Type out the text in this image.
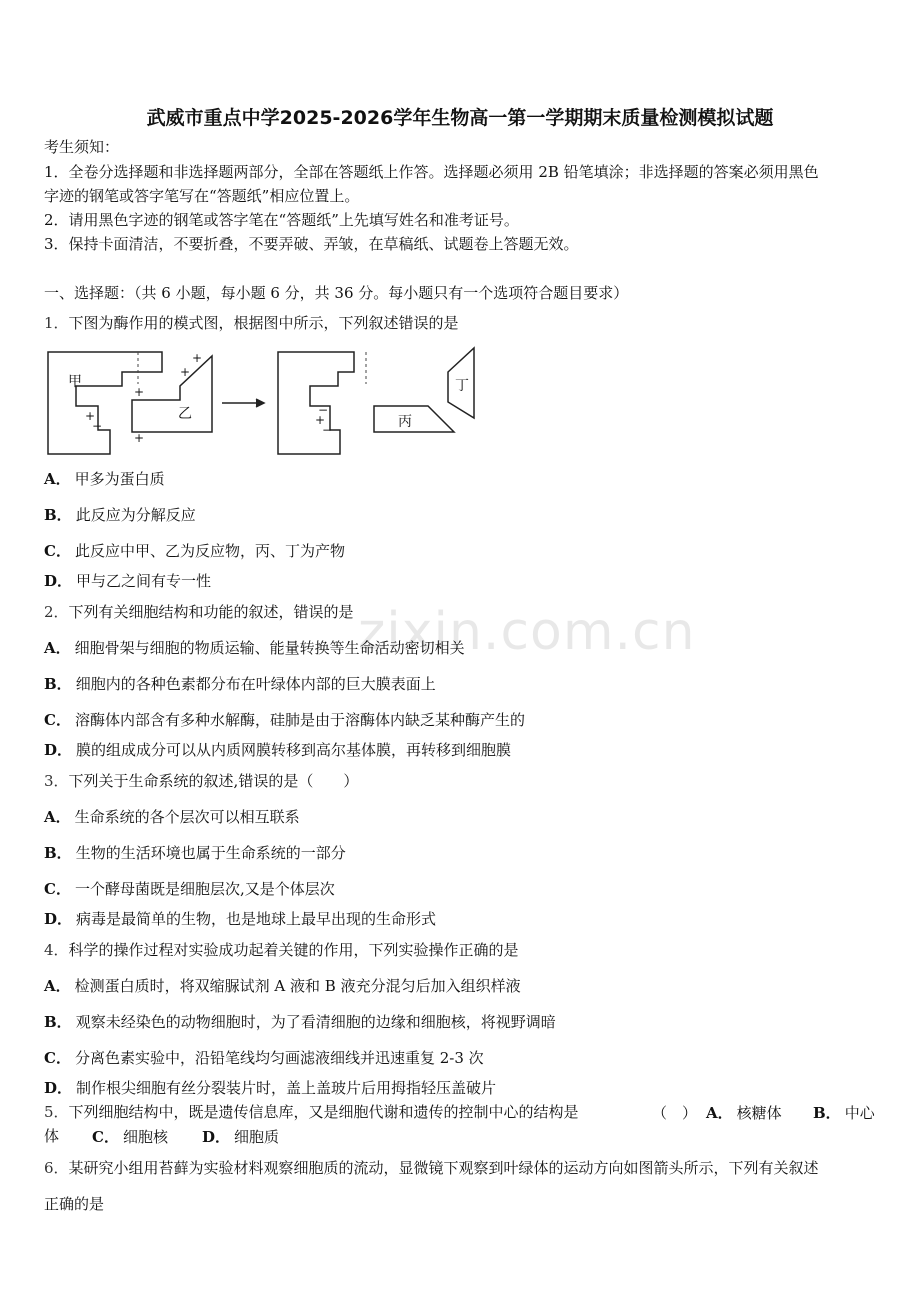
武威市重点中学2025-2026学年生物高一第一学期期末质量检测模拟试题
考生须知：
1．全卷分选择题和非选择题两部分，全部在答题纸上作答。选择题必须用 2B 铅笔填涂；非选择题的答案必须用黑色
字迹的钢笔或答字笔写在“答题纸”相应位置上。
2．请用黑色字迹的钢笔或答字笔在“答题纸”上先填写姓名和准考证号。
3．保持卡面清洁，不要折叠，不要弄破、弄皱，在草稿纸、试题卷上答题无效。
一、选择题：（共 6 小题，每小题 6 分，共 36 分。每小题只有一个选项符合题目要求）
1．下图为酶作用的模式图，根据图中所示，下列叙述错误的是
甲
乙	丙
丁
+
−
+
+
+
+
−
+
−
A． 甲多为蛋白质
B． 此反应为分解反应
C． 此反应中甲、乙为反应物，丙、丁为产物
D． 甲与乙之间有专一性
2．下列有关细胞结构和功能的叙述，错误的是
A． 细胞骨架与细胞的物质运输、能量转换等生命活动密切相关
B． 细胞内的各种色素都分布在叶绿体内部的巨大膜表面上
C． 溶酶体内部含有多种水解酶，硅肺是由于溶酶体内缺乏某种酶产生的
D． 膜的组成成分可以从内质网膜转移到高尔基体膜，再转移到细胞膜
3．下列关于生命系统的叙述,错误的是（　　）
A． 生命系统的各个层次可以相互联系
B． 生物的生活环境也属于生命系统的一部分
C． 一个酵母菌既是细胞层次,又是个体层次
D． 病毒是最简单的生物，也是地球上最早出现的生命形式
4．科学的操作过程对实验成功起着关键的作用，下列实验操作正确的是
A． 检测蛋白质时，将双缩脲试剂 A 液和 B 液充分混匀后加入组织样液
B． 观察未经染色的动物细胞时，为了看清细胞的边缘和细胞核，将视野调暗
C． 分离色素实验中，沿铅笔线均匀画滤液细线并迅速重复 2-3 次
D． 制作根尖细胞有丝分裂装片时，盖上盖玻片后用拇指轻压盖破片
5．下列细胞结构中，既是遗传信息库，又是细胞代谢和遗传的控制中心的结构是	（　） A． 核糖体 B． 中心
体 C． 细胞核 D． 细胞质
6．某研究小组用苔藓为实验材料观察细胞质的流动，显微镜下观察到叶绿体的运动方向如图箭头所示，下列有关叙述
正确的是
zixin.com.cn
